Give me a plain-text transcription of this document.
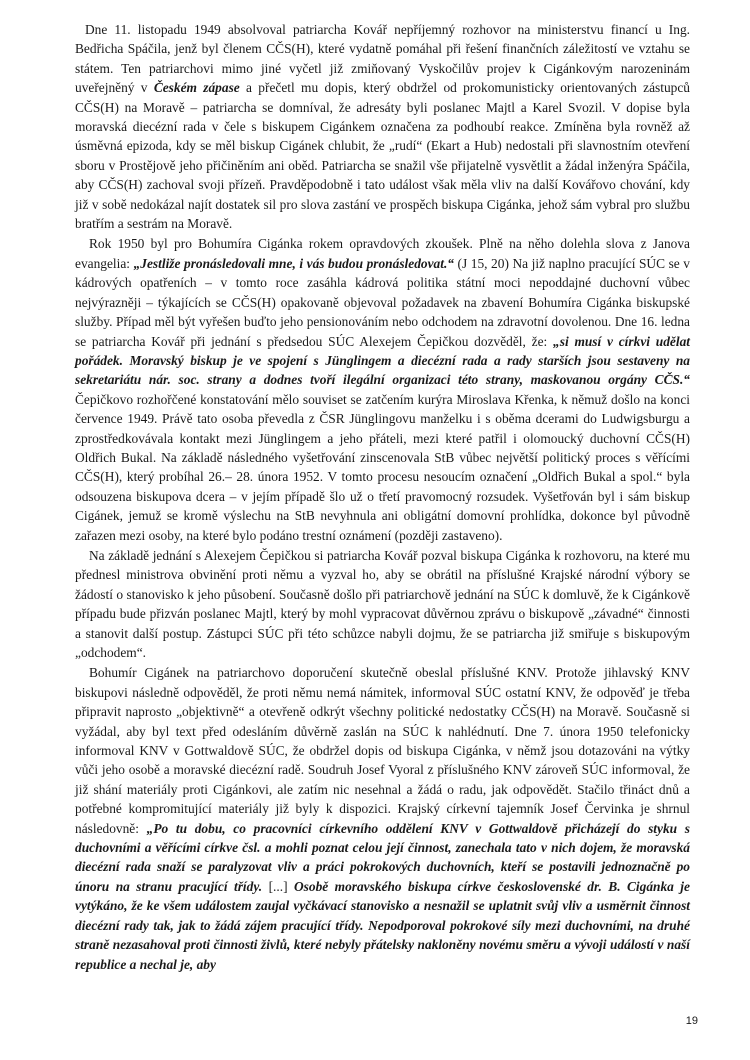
Dne 11. listopadu 1949 absolvoval patriarcha Kovář nepříjemný rozhovor na ministerstvu financí u Ing. Bedřicha Spáčila, jenž byl členem CČS(H), které vydatně pomáhal při řešení finančních záležitostí ve vztahu se státem. Ten patriarchovi mimo jiné vyčetl již zmiňovaný Vyskočilův projev k Cigánkovým narozeninám uveřejněný v Českém zápase a přečetl mu dopis, který obdržel od prokomunisticky orientovaných zástupců CČS(H) na Moravě – patriarcha se domníval, že adresáty byli poslanec Majtl a Karel Svozil. V dopise byla moravská diecézní rada v čele s biskupem Cigánkem označena za podhoubí reakce. Zmíněna byla rovněž až úsměvná epizoda, kdy se měl biskup Cigánek chlubit, že „rudí“ (Ekart a Hub) nedostali při slavnostním otevření sboru v Prostějově jeho přičiněním ani oběd. Patriarcha se snažil vše přijatelně vysvětlit a žádal inženýra Spáčila, aby CČS(H) zachoval svoji přízeň. Pravděpodobně i tato událost však měla vliv na další Kovářovo chování, kdy již v sobě nedokázal najít dostatek sil pro slova zastání ve prospěch biskupa Cigánka, jehož sám vybral pro službu bratřím a sestrám na Moravě.

Rok 1950 byl pro Bohumíra Cigánka rokem opravdových zkoušek. Plně na něho dolehla slova z Janova evangelia: „Jestliže pronásledovali mne, i vás budou pronásledovat.“ (J 15, 20) Na již naplno pracující SÚC se v kádrových opatřeních – v tomto roce zasáhla kádrová politika státní moci nepoddajné duchovní vůbec nejvýrazněji – týkajících se CČS(H) opakovaně objevoval požadavek na zbavení Bohumíra Cigánka biskupské služby. Případ měl být vyřešen buďto jeho pensionováním nebo odchodem na zdravotní dovolenou. Dne 16. ledna se patriarcha Kovář při jednání s předsedou SÚC Alexejem Čepičkou dozvěděl, že: „si musí v církvi udělat pořádek. Moravský biskup je ve spojení s Jünglingem a diecézní rada a rady starších jsou sestaveny na sekretariátu nár. soc. strany a dodnes tvoří ilegální organizaci této strany, maskovanou orgány CČS.“ Čepičkovo rozhořčené konstatování mělo souviset se zatčením kurýra Miroslava Křenka, k němuž došlo na konci července 1949. Právě tato osoba převedla z ČSR Jünglingovu manželku i s oběma dcerami do Ludwigsburgu a zprostředkovávala kontakt mezi Jünglingem a jeho přáteli, mezi které patřil i olomoucký duchovní CČS(H) Oldřich Bukal. Na základě následného vyšetřování zinscenovala StB vůbec největší politický proces s věřícími CČS(H), který probíhal 26.– 28. února 1952. V tomto procesu nesoucím označení „Oldřich Bukal a spol.“ byla odsouzena biskupova dcera – v jejím případě šlo už o třetí pravomocný rozsudek. Vyšetřován byl i sám biskup Cigánek, jemuž se kromě výslechu na StB nevyhnula ani obligátní domovní prohlídka, dokonce byl původně zařazen mezi osoby, na které bylo podáno trestní oznámení (později zastaveno).

Na základě jednání s Alexejem Čepičkou si patriarcha Kovář pozval biskupa Cigánka k rozhovoru, na které mu přednesl ministrova obvinění proti němu a vyzval ho, aby se obrátil na příslušné Krajské národní výbory se žádostí o stanovisko k jeho působení. Současně došlo při patriarchově jednání na SÚC k domluvě, že k Cigánkově případu bude přizván poslanec Majtl, který by mohl vypracovat důvěrnou zprávu o biskupově „závadné“ činnosti a stanovit další postup. Zástupci SÚC při této schůzce nabyli dojmu, že se patriarcha již smiřuje s biskupovým „odchodem“.

Bohumír Cigánek na patriarchovo doporučení skutečně obeslal příslušné KNV. Protože jihlavský KNV biskupovi následně odpověděl, že proti němu nemá námitek, informoval SÚC ostatní KNV, že odpověď je třeba připravit naprosto „objektivně“ a otevřeně odkrýt všechny politické nedostatky CČS(H) na Moravě. Současně si vyžádal, aby byl text před odesláním důvěrně zaslán na SÚC k nahlédnutí. Dne 7. února 1950 telefonicky informoval KNV v Gottwaldově SÚC, že obdržel dopis od biskupa Cigánka, v němž jsou dotazováni na výtky vůči jeho osobě a moravské diecézní radě. Soudruh Josef Vyoral z příslušného KNV zároveň SÚC informoval, že již shání materiály proti Cigánkovi, ale zatím nic nesehnal a žádá o radu, jak odpovědět. Stačilo třináct dnů a potřebné kompromitující materiály již byly k dispozici. Krajský církevní tajemník Josef Červinka je shrnul následovně: „Po tu dobu, co pracovníci církevního oddělení KNV v Gottwaldově přicházejí do styku s duchovními a věřícími církve čsl. a mohli poznat celou její činnost, zanechala tato v nich dojem, že moravská diecézní rada snaží se paralyzovat vliv a práci pokrokových duchovních, kteří se postavili jednoznačně po únoru na stranu pracující třídy. [...] Osobě moravského biskupa církve československé dr. B. Cigánka je vytýkáno, že ke všem událostem zaujal vyčkávací stanovisko a nesnažil se uplatnit svůj vliv a usměrnit činnost diecézní rady tak, jak to žádá zájem pracující třídy. Nepodporoval pokrokové síly mezi duchovními, na druhé straně nezasahoval proti činnosti živlů, které nebyly přátelsky nakloněny novému směru a vývoji událostí v naší republice a nechal je, aby

19
